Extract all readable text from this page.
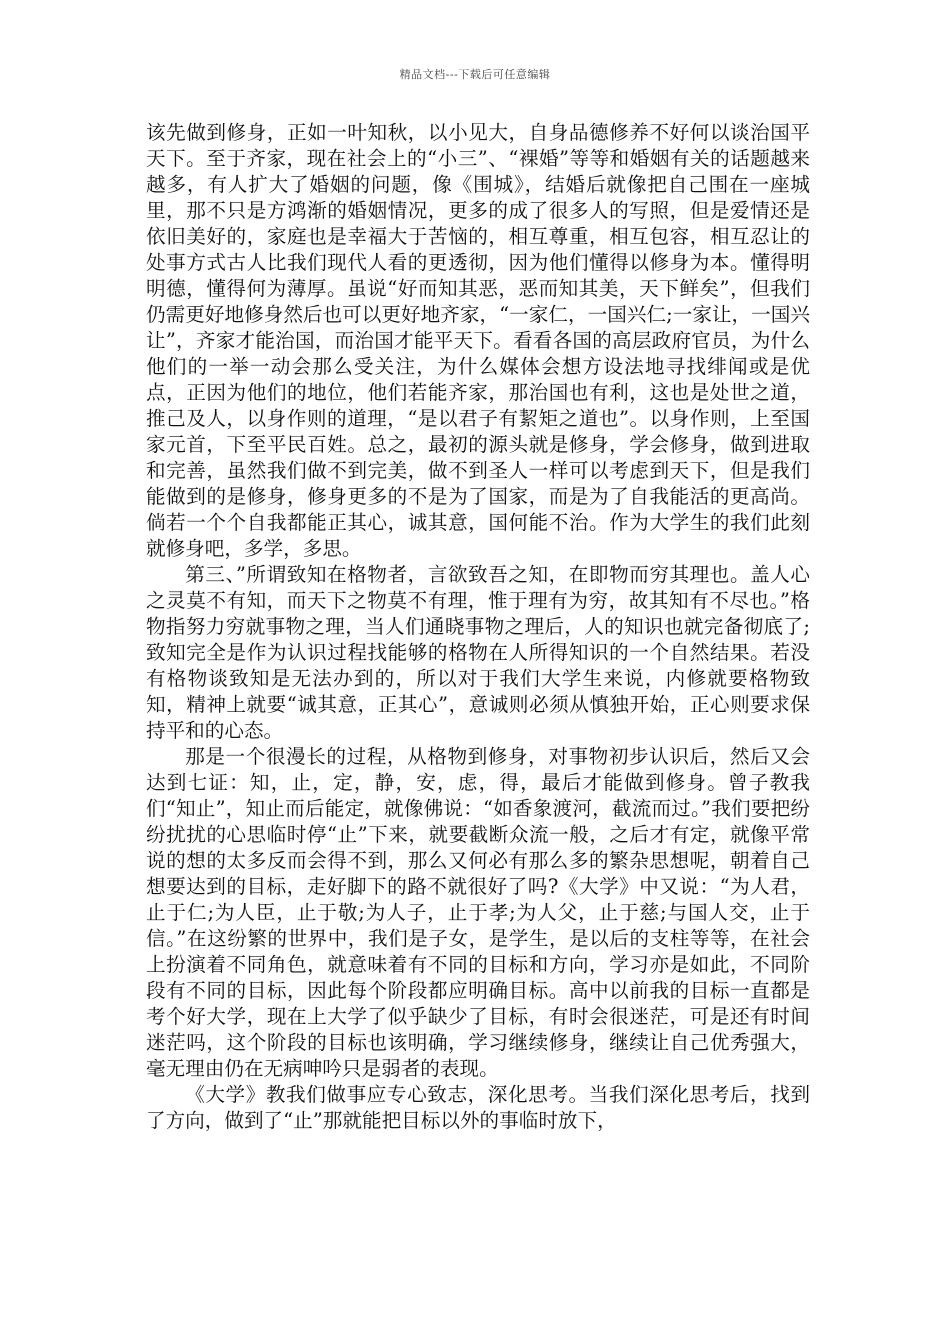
精品文档---下载后可任意编辑

该先做到修身，正如一叶知秋，以小见大，自身品德修养不好何以谈治国平天下。至于齐家，现在社会上的“小三”、“裸婚”等等和婚姻有关的话题越来越多，有人扩大了婚姻的问题，像《围城》，结婚后就像把自己围在一座城里，那不只是方鸿渐的婚姻情况，更多的成了很多人的写照，但是爱情还是依旧美好的，家庭也是幸福大于苦恼的，相互尊重，相互包容，相互忍让的处事方式古人比我们现代人看的更透彻，因为他们懂得以修身为本。懂得明明德，懂得何为薄厚。虽说“好而知其恶，恶而知其美，天下鲜矣”，但我们仍需更好地修身然后也可以更好地齐家，“一家仁，一国兴仁;一家让，一国兴让”，齐家才能治国，而治国才能平天下。看看各国的高层政府官员，为什么他们的一举一动会那么受关注，为什么媒体会想方设法地寻找绯闻或是优点，正因为他们的地位，他们若能齐家，那治国也有利，这也是处世之道，推己及人，以身作则的道理，“是以君子有絜矩之道也”。以身作则，上至国家元首，下至平民百姓。总之，最初的源头就是修身，学会修身，做到进取和完善，虽然我们做不到完美，做不到圣人一样可以考虑到天下，但是我们能做到的是修身，修身更多的不是为了国家，而是为了自我能活的更高尚。倘若一个个自我都能正其心，诚其意，国何能不治。作为大学生的我们此刻就修身吧，多学，多思。

第三、”所谓致知在格物者，言欲致吾之知，在即物而穷其理也。盖人心之灵莫不有知，而天下之物莫不有理，惟于理有为穷，故其知有不尽也。”格物指努力穷就事物之理，当人们通晓事物之理后，人的知识也就完备彻底了;致知完全是作为认识过程找能够的格物在人所得知识的一个自然结果。若没有格物谈致知是无法办到的，所以对于我们大学生来说，内修就要格物致知，精神上就要“诚其意，正其心”，意诚则必须从慎独开始，正心则要求保持平和的心态。

那是一个很漫长的过程，从格物到修身，对事物初步认识后，然后又会达到七证：知，止，定，静，安，虑，得，最后才能做到修身。曾子教我们“知止”，知止而后能定，就像佛说：“如香象渡河，截流而过。”我们要把纷纷扰扰的心思临时停“止”下来，就要截断众流一般，之后才有定，就像平常说的想的太多反而会得不到，那么又何必有那么多的繁杂思想呢，朝着自己想要达到的目标，走好脚下的路不就很好了吗?《大学》中又说：“为人君，止于仁;为人臣，止于敬;为人子，止于孝;为人父，止于慈;与国人交，止于信。”在这纷繁的世界中，我们是子女，是学生，是以后的支柱等等，在社会上扮演着不同角色，就意味着有不同的目标和方向，学习亦是如此，不同阶段有不同的目标，因此每个阶段都应明确目标。高中以前我的目标一直都是考个好大学，现在上大学了似乎缺少了目标，有时会很迷茫，可是还有时间迷茫吗，这个阶段的目标也该明确，学习继续修身，继续让自己优秀强大，毫无理由仍在无病呻吟只是弱者的表现。

《大学》教我们做事应专心致志，深化思考。当我们深化思考后，找到了方向，做到了“止”那就能把目标以外的事临时放下，
